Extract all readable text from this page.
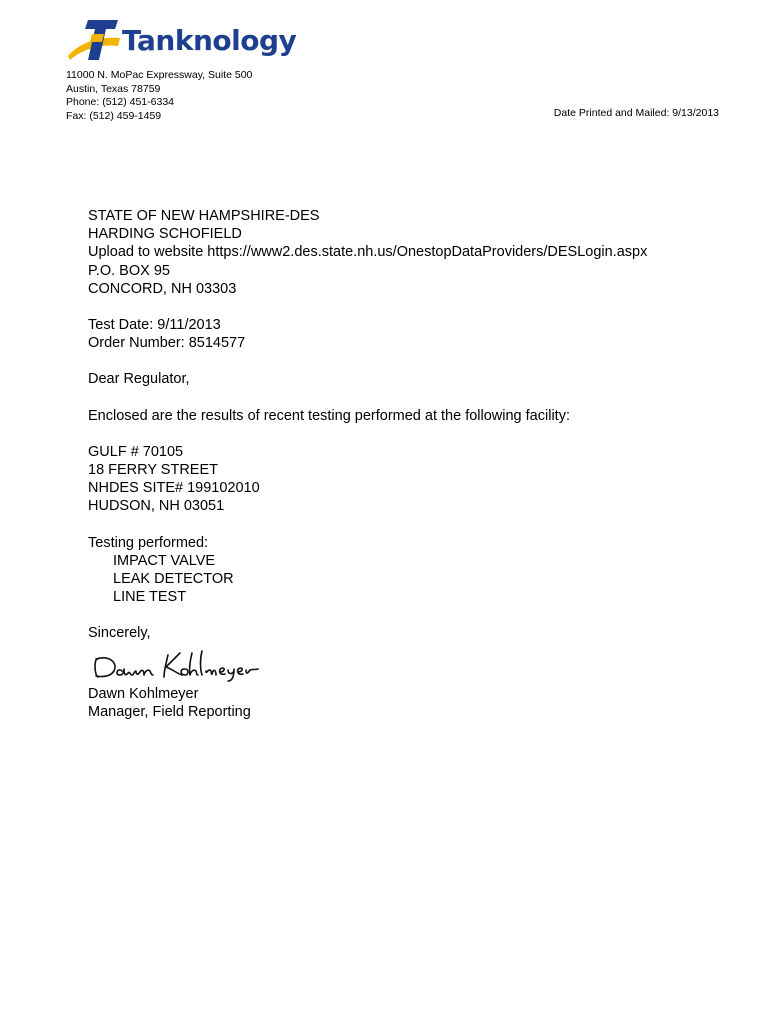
Tanknology
11000 N. MoPac Expressway, Suite 500
Austin, Texas 78759
Phone: (512) 451-6334
Fax: (512) 459-1459	Date Printed and Mailed: 9/13/2013
STATE OF NEW HAMPSHIRE-DES
HARDING SCHOFIELD
Upload to website https://www2.des.state.nh.us/OnestopDataProviders/DESLogin.aspx
P.O. BOX 95
CONCORD, NH 03303
Test Date: 9/11/2013
Order Number: 8514577
Dear Regulator,
Enclosed are the results of recent testing performed at the following facility:
GULF # 70105
18 FERRY STREET
NHDES SITE# 199102010
HUDSON, NH 03051
Testing performed:
IMPACT VALVE
LEAK DETECTOR
LINE TEST
Sincerely,
Dawn Kohlmeyer
Manager, Field Reporting
